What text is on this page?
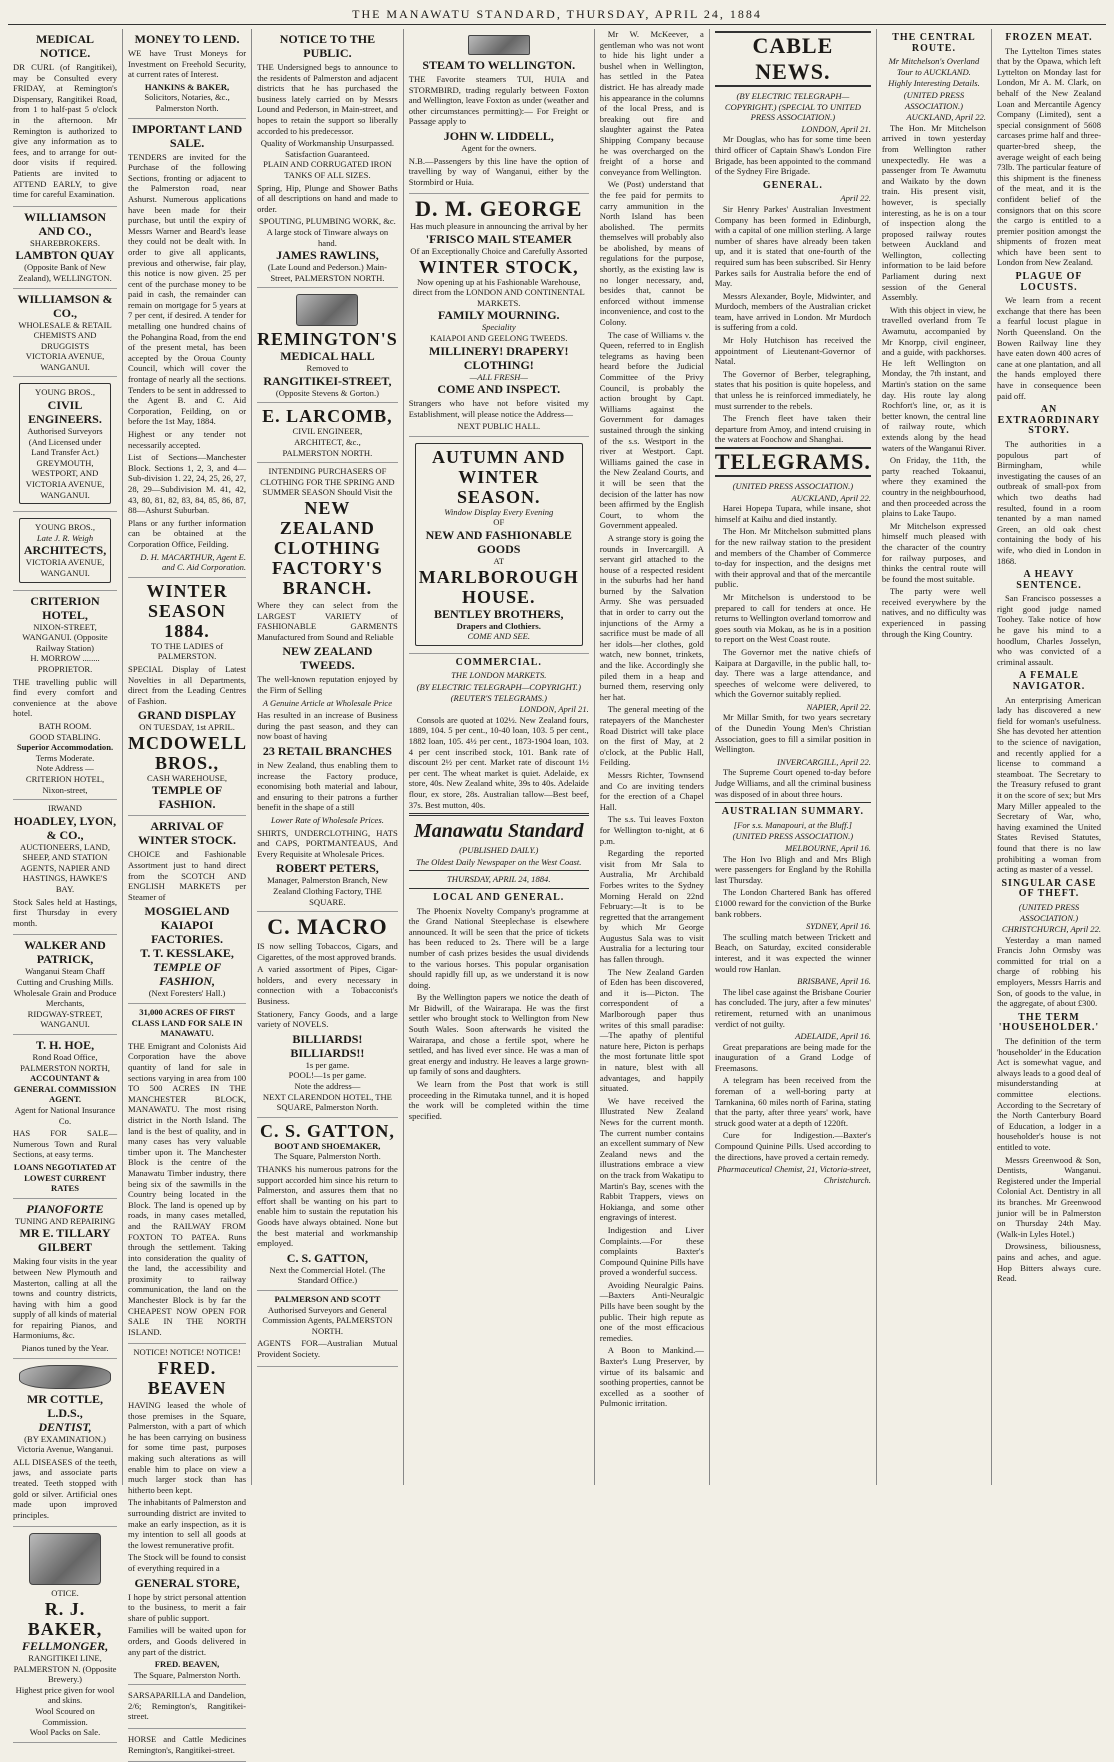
THE MANAWATU STANDARD, THURSDAY, APRIL 24, 1884
MEDICAL NOTICE.
DR CURL (of Rangitikei), may be Consulted every FRIDAY, at Remington's Dispensary, Rangitikei Road, from 1 to half-past 5 o'clock in the afternoon. Mr Remington is authorized to give any information as to fees, and to arrange for out-door visits if required. Patients are invited to ATTEND EARLY, to give time for careful Examination.
WILLIAMSON AND CO.,
SHAREBROKERS.
LAMBTON QUAY
(Opposite Bank of New Zealand), WELLINGTON.
WILLIAMSON & CO.,
WHOLESALE & RETAIL CHEMISTS AND DRUGGISTS
VICTORIA AVENUE, WANGANUI.
YOUNG BROS.,
CIVIL ENGINEERS.
Authorised Surveyors (And Licensed under Land Transfer Act.)
GREYMOUTH, WESTPORT, AND VICTORIA AVENUE, WANGANUI.
YOUNG BROS.,
Late J. R. Weigh
ARCHITECTS,
VICTORIA AVENUE, WANGANUI.
CRITERION HOTEL,
NIXON-STREET, WANGANUI. (Opposite Railway Station)
H. MORROW ........ PROPRIETOR.
THE travelling public will find every comfort and convenience at the above hotel.
BATH ROOM.
GOOD STABLING.
Superior Accommodation.
Terms Moderate.
Note Address — CRITERION HOTEL, Nixon-street,
IRWAND
HOADLEY, LYON, & CO.,
AUCTIONEERS, LAND, SHEEP, AND STATION AGENTS, NAPIER AND HASTINGS, HAWKE'S BAY.
Stock Sales held at Hastings, first Thursday in every month.
WALKER AND PATRICK,
Wanganui Steam Chaff Cutting and Crushing Mills.
Wholesale Grain and Produce Merchants,
RIDGWAY-STREET, WANGANUI.
T. H. HOE,
Rond Road Office, PALMERSTON NORTH,
ACCOUNTANT & GENERAL COMMISSION AGENT.
Agent for National Insurance Co.
HAS FOR SALE—Numerous Town and Rural Sections, at easy terms.
LOANS NEGOTIATED AT LOWEST CURRENT RATES
PIANOFORTE
TUNING AND REPAIRING
MR E. TILLARY GILBERT
Making four visits in the year between New Plymouth and Masterton, calling at all the towns and country districts, having with him a good supply of all kinds of material for repairing Pianos, and Harmoniums, &c.
Pianos tuned by the Year.
MR COTTLE, L.D.S.,
DENTIST,
(BY EXAMINATION.)
Victoria Avenue, Wanganui.
ALL DISEASES of the teeth, jaws, and associate parts treated. Teeth stopped with gold or silver. Artificial ones made upon improved principles.
OTICE.
R. J. BAKER,
FELLMONGER,
RANGITIKEI LINE, PALMERSTON N. (Opposite Brewery.)
Highest price given for wool and skins.
Wool Scoured on Commission.
Wool Packs on Sale.
MONEY TO LEND.
WE have Trust Moneys for Investment on Freehold Security, at current rates of Interest.
HANKINS & BAKER,
Solicitors, Notaries, &c., Palmerston North.
IMPORTANT LAND SALE.
TENDERS are invited for the Purchase of the following Sections, fronting or adjacent to the Palmerston road, near Ashurst. Numerous applications have been made for their purchase, but until the expiry of Messrs Warner and Beard's lease they could not be dealt with. In order to give all applicants, previous and otherwise, fair play, this notice is now given. 25 per cent of the purchase money to be paid in cash, the remainder can remain on mortgage for 5 years at 7 per cent, if desired. A tender for metalling one hundred chains of the Pohangina Road, from the end of the present metal, has been accepted by the Oroua County Council, which will cover the frontage of nearly all the sections. Tenders to be sent in addressed to the Agent B. and C. Aid Corporation, Feilding, on or before the 1st May, 1884.
Highest or any tender not necessarily accepted.
List of Sections—Manchester Block. Sections 1, 2, 3, and 4—Sub-division 1. 22, 24, 25, 26, 27, 28, 29—Subdivision M. 41, 42, 43, 80, 81, 82, 83, 84, 85, 86, 87, 88—Ashurst Suburban.
Plans or any further information can be obtained at the Corporation Office, Feilding.
D. H. MACARTHUR, Agent E. and C. Aid Corporation.
WINTER SEASON 1884.
TO THE LADIES of PALMERSTON.
SPECIAL Display of Latest Novelties in all Departments, direct from the Leading Centres of Fashion.
GRAND DISPLAY
ON TUESDAY, 1st APRIL.
MCDOWELL BROS.,
CASH WAREHOUSE,
TEMPLE OF FASHION.
ARRIVAL OF WINTER STOCK.
CHOICE and Fashionable Assortment just to hand direct from the SCOTCH AND ENGLISH MARKETS per Steamer of
MOSGIEL AND KAIAPOI FACTORIES.
T. T. KESSLAKE,
TEMPLE OF FASHION,
(Next Foresters' Hall.)
31,000 ACRES OF FIRST CLASS LAND FOR SALE IN MANAWATU.
THE Emigrant and Colonists Aid Corporation have the above quantity of land for sale in sections varying in area from 100 TO 500 ACRES IN THE MANCHESTER BLOCK, MANAWATU. The most rising district in the North Island. The land is the best of quality, and in many cases has very valuable timber upon it. The Manchester Block is the centre of the Manawatu Timber industry, there being six of the sawmills in the Country being located in the Block. The land is opened up by roads, in many cases metalled, and the RAILWAY FROM FOXTON TO PATEA. Runs through the settlement. Taking into consideration the quality of the land, the accessibility and proximity to railway communication, the land on the Manchester Block is by far the CHEAPEST NOW OPEN FOR SALE IN THE NORTH ISLAND.
NOTICE! NOTICE! NOTICE!
FRED. BEAVEN
HAVING leased the whole of those premises in the Square, Palmerston, with a part of which he has been carrying on business for some time past, purposes making such alterations as will enable him to place on view a much larger stock than has hitherto been kept.
The inhabitants of Palmerston and surrounding district are invited to make an early inspection, as it is my intention to sell all goods at the lowest remunerative profit.
The Stock will be found to consist of everything required in a
GENERAL STORE,
I hope by strict personal attention to the business, to merit a fair share of public support.
Families will be waited upon for orders, and Goods delivered in any part of the district.
FRED. BEAVEN,
The Square, Palmerston North.
SARSAPARILLA and Dandelion, 2/6; Remington's, Rangitikei-street.
HORSE and Cattle Medicines Remington's, Rangitikei-street.
NOTICE TO THE PUBLIC.
THE Undersigned begs to announce to the residents of Palmerston and adjacent districts that he has purchased the business lately carried on by Messrs Lound and Pederson, in Main-street, and hopes to retain the support so liberally accorded to his predecessor.
Quality of Workmanship Unsurpassed.
Satisfaction Guaranteed.
PLAIN AND CORRUGATED IRON TANKS OF ALL SIZES.
Spring, Hip, Plunge and Shower Baths of all descriptions on hand and made to order.
SPOUTING, PLUMBING WORK, &c.
A large stock of Tinware always on hand.
JAMES RAWLINS,
(Late Lound and Pederson.) Main-Street, PALMERSTON NORTH.
REMINGTON'S
MEDICAL HALL
Removed to
RANGITIKEI-STREET,
(Opposite Stevens & Gorton.)
E. LARCOMB,
CIVIL ENGINEER,
ARCHITECT, &c.,
PALMERSTON NORTH.
INTENDING PURCHASERS OF CLOTHING FOR THE SPRING AND SUMMER SEASON Should Visit the
NEW ZEALAND CLOTHING FACTORY'S BRANCH.
Where they can select from the LARGEST VARIETY of FASHIONABLE GARMENTS Manufactured from Sound and Reliable
NEW ZEALAND TWEEDS.
The well-known reputation enjoyed by the Firm of Selling
A Genuine Article at Wholesale Price
Has resulted in an increase of Business during the past season, and they can now boast of having
23 RETAIL BRANCHES
in New Zealand, thus enabling them to increase the Factory produce, economising both material and labour, and ensuring to their patrons a further benefit in the shape of a still
Lower Rate of Wholesale Prices.
SHIRTS, UNDERCLOTHING, HATS and CAPS, PORTMANTEAUS, And Every Requisite at Wholesale Prices.
ROBERT PETERS,
Manager, Palmerston Branch, New Zealand Clothing Factory, THE SQUARE.
C. MACRO
IS now selling Tobaccos, Cigars, and Cigarettes, of the most approved brands.
A varied assortment of Pipes, Cigar-holders, and every necessary in connection with a Tobacconist's Business.
Stationery, Fancy Goods, and a large variety of NOVELS.
BILLIARDS! BILLIARDS!!
1s per game.
POOL!—1s per game.
Note the address—
NEXT CLARENDON HOTEL, THE SQUARE, Palmerston North.
C. S. GATTON,
BOOT AND SHOEMAKER,
The Square, Palmerston North.
THANKS his numerous patrons for the support accorded him since his return to Palmerston, and assures them that no effort shall be wanting on his part to enable him to sustain the reputation his Goods have always obtained. None but the best material and workmanship employed.
C. S. GATTON,
Next the Commercial Hotel. (The Standard Office.)
PALMERSON AND SCOTT
Authorised Surveyors and General Commission Agents, PALMERSTON NORTH.
AGENTS FOR—Australian Mutual Provident Society.
STEAM TO WELLINGTON.
THE Favorite steamers TUI, HUIA and STORMBIRD, trading regularly between Foxton and Wellington, leave Foxton as under (weather and other circumstances permitting):— For Freight or Passage apply to
JOHN W. LIDDELL,
Agent for the owners.
N.B.—Passengers by this line have the option of travelling by way of Wanganui, either by the Stormbird or Huia.
D. M. GEORGE
Has much pleasure in announcing the arrival by her
'FRISCO MAIL STEAMER
Of an Exceptionally Choice and Carefully Assorted
WINTER STOCK,
Now opening up at his Fashionable Warehouse, direct from the LONDON AND CONTINENTAL MARKETS.
FAMILY MOURNING.
Speciality
KAIAPOI AND GEELONG TWEEDS.
MILLINERY! DRAPERY! CLOTHING!
—ALL FRESH—
COME AND INSPECT.
Strangers who have not before visited my Establishment, will please notice the Address—
NEXT PUBLIC HALL.
AUTUMN AND WINTER SEASON.
Window Display Every Evening
OF
NEW AND FASHIONABLE GOODS
AT
MARLBOROUGH HOUSE.
BENTLEY BROTHERS,
Drapers and Clothiers.
COME AND SEE.
COMMERCIAL.
THE LONDON MARKETS.
(BY ELECTRIC TELEGRAPH—COPYRIGHT.) (REUTER'S TELEGRAMS.)
LONDON, April 21.
Consols are quoted at 102½. New Zealand fours, 1889, 104. 5 per cent., 10-40 loan, 103. 5 per cent., 1882 loan, 105. 4½ per cent., 1873-1904 loan, 103. 4 per cent inscribed stock, 101. Bank rate of discount 2½ per cent. Market rate of discount 1½ per cent. The wheat market is quiet. Adelaide, ex store, 40s. New Zealand white, 39s to 40s. Adelaide flour, ex store, 28s. Australian tallow—Best beef, 37s. Best mutton, 40s.
Manawatu Standard
(PUBLISHED DAILY.)
The Oldest Daily Newspaper on the West Coast.
THURSDAY, APRIL 24, 1884.
LOCAL AND GENERAL.
The Phoenix Novelty Company's programme at the Grand National Steeplechase is elsewhere announced. It will be seen that the price of tickets has been reduced to 2s. There will be a large number of cash prizes besides the usual dividends to the various horses. This popular organisation should rapidly fill up, as we understand it is now doing.
By the Wellington papers we notice the death of Mr Bidwill, of the Wairarapa. He was the first settler who brought stock to Wellington from New South Wales. Soon afterwards he visited the Wairarapa, and chose a fertile spot, where he settled, and has lived ever since. He was a man of great energy and industry. He leaves a large grown-up family of sons and daughters.
We learn from the Post that work is still proceeding in the Rimutaka tunnel, and it is hoped the work will be completed within the time specified.
Mr W. McKeever, a gentleman who was not wont to hide his light under a bushel when in Wellington, has settled in the Patea district. He has already made his appearance in the columns of the local Press, and is breaking out fire and slaughter against the Patea Shipping Company because he was overcharged on the freight of a horse and conveyance from Wellington.
We (Post) understand that the fee paid for permits to carry ammunition in the North Island has been abolished. The permits themselves will probably also be abolished, by means of regulations for the purpose, shortly, as the existing law is no longer necessary, and, besides that, cannot be enforced without immense inconvenience, and cost to the Colony.
The case of Williams v. the Queen, referred to in English telegrams as having been heard before the Judicial Committee of the Privy Council, is probably the action brought by Capt. Williams against the Government for damages sustained through the sinking of the s.s. Westport in the river at Westport. Capt. Williams gained the case in the New Zealand Courts, and it will be seen that the decision of the latter has now been affirmed by the English Court, to whom the Government appealed.
A strange story is going the rounds in Invercargill. A servant girl attached to the house of a respected resident in the suburbs had her hand burned by the Salvation Army. She was persuaded that in order to carry out the injunctions of the Army a sacrifice must be made of all her idols—her clothes, gold watch, new bonnet, trinkets, and the like. Accordingly she piled them in a heap and burned them, reserving only her hat.
The general meeting of the ratepayers of the Manchester Road District will take place on the first of May, at 2 o'clock, at the Public Hall, Feilding.
Messrs Richter, Townsend and Co are inviting tenders for the erection of a Chapel Hall.
The s.s. Tui leaves Foxton for Wellington to-night, at 6 p.m.
Regarding the reported visit from Mr Sala to Australia, Mr Archibald Forbes writes to the Sydney Morning Herald on 22nd February:—It is to be regretted that the arrangement by which Mr George Augustus Sala was to visit Australia for a lecturing tour has fallen through.
The New Zealand Garden of Eden has been discovered, and it is—Picton. The correspondent of a Marlborough paper thus writes of this small paradise:—The apathy of plentiful nature here, Picton is perhaps the most fortunate little spot in nature, blest with all advantages, and happily situated.
We have received the Illustrated New Zealand News for the current month. The current number contains an excellent summary of New Zealand news and the illustrations embrace a view on the track from Wakatipu to Martin's Bay, scenes with the Rabbit Trappers, views on Hokianga, and some other engravings of interest.
Indigestion and Liver Complaints.—For these complaints Baxter's Compound Quinine Pills have proved a wonderful success.
Avoiding Neuralgic Pains.—Baxters Anti-Neuralgic Pills have been sought by the public. Their high repute as one of the most efficacious remedies.
A Boon to Mankind.—Baxter's Lung Preserver, by virtue of its balsamic and soothing properties, cannot be excelled as a soother of Pulmonic irritation.
CABLE NEWS.
(BY ELECTRIC TELEGRAPH—COPYRIGHT.) (SPECIAL TO UNITED PRESS ASSOCIATION.)
LONDON, April 21.
Mr Douglas, who has for some time been third officer of Captain Shaw's London Fire Brigade, has been appointed to the command of the Sydney Fire Brigade.
GENERAL.
April 22.
Sir Henry Parkes' Australian Investment Company has been formed in Edinburgh, with a capital of one million sterling. A large number of shares have already been taken up, and it is stated that one-fourth of the required sum has been subscribed. Sir Henry Parkes sails for Australia before the end of May.
Messrs Alexander, Boyle, Midwinter, and Murdoch, members of the Australian cricket team, have arrived in London. Mr Murdoch is suffering from a cold.
Mr Holy Hutchison has received the appointment of Lieutenant-Governor of Natal.
The Governor of Berber, telegraphing, states that his position is quite hopeless, and that unless he is reinforced immediately, he must surrender to the rebels.
The French fleet have taken their departure from Amoy, and intend cruising in the waters at Foochow and Shanghai.
TELEGRAMS.
(UNITED PRESS ASSOCIATION.)
AUCKLAND, April 22.
Harei Hopepa Tupara, while insane, shot himself at Kaihu and died instantly.
The Hon. Mr Mitchelson submitted plans for the new railway station to the president and members of the Chamber of Commerce to-day for inspection, and the designs met with their approval and that of the mercantile public.
Mr Mitchelson is understood to be prepared to call for tenders at once. He returns to Wellington overland tomorrow and goes south via Mokau, as he is in a position to report on the West Coast route.
The Governor met the native chiefs of Kaipara at Dargaville, in the public hall, to-day. There was a large attendance, and speeches of welcome were delivered, to which the Governor suitably replied.
NAPIER, April 22.
Mr Millar Smith, for two years secretary of the Dunedin Young Men's Christian Association, goes to fill a similar position in Wellington.
INVERCARGILL, April 22.
The Supreme Court opened to-day before Judge Williams, and all the criminal business was disposed of in about three hours.
AUSTRALIAN SUMMARY.
[For s.s. Manapouri, at the Bluff.]
(UNITED PRESS ASSOCIATION.)
MELBOURNE, April 16.
The Hon Ivo Bligh and and Mrs Bligh were passengers for England by the Rohilla last Thursday.
The London Chartered Bank has offered £1000 reward for the conviction of the Burke bank robbers.
SYDNEY, April 16.
The sculling match between Trickett and Beach, on Saturday, excited considerable interest, and it was expected the winner would row Hanlan.
BRISBANE, April 16.
The libel case against the Brisbane Courier has concluded. The jury, after a few minutes' retirement, returned with an unanimous verdict of not guilty.
ADELAIDE, April 16.
Great preparations are being made for the inauguration of a Grand Lodge of Freemasons.
A telegram has been received from the foreman of a well-boring party at Tarnkanina, 60 miles north of Farina, stating that the party, after three years' work, have struck good water at a depth of 1220ft.
Cure for Indigestion.—Baxter's Compound Quinine Pills. Used according to the directions, have proved a certain remedy.
Pharmaceutical Chemist, 21, Victoria-street, Christchurch.
THE CENTRAL ROUTE.
Mr Mitchelson's Overland Tour to AUCKLAND.
Highly Interesting Details.
(UNITED PRESS ASSOCIATION.)
AUCKLAND, April 22.
The Hon. Mr Mitchelson arrived in town yesterday from Wellington rather unexpectedly. He was a passenger from Te Awamutu and Waikato by the down train. His present visit, however, is specially interesting, as he is on a tour of inspection along the proposed railway routes between Auckland and Wellington, collecting information to be laid before Parliament during next session of the General Assembly.
With this object in view, he travelled overland from Te Awamutu, accompanied by Mr Knorpp, civil engineer, and a guide, with packhorses. He left Wellington on Monday, the 7th instant, and Martin's station on the same day. His route lay along Rochfort's line, or, as it is better known, the central line of railway route, which extends along by the head waters of the Wanganui River.
On Friday, the 11th, the party reached Tokaanui, where they examined the country in the neighbourhood, and then proceeded across the plains to Lake Taupo.
Mr Mitchelson expressed himself much pleased with the character of the country for railway purposes, and thinks the central route will be found the most suitable.
The party were well received everywhere by the natives, and no difficulty was experienced in passing through the King Country.
FROZEN MEAT.
The Lyttelton Times states that by the Opawa, which left Lyttelton on Monday last for London, Mr A. M. Clark, on behalf of the New Zealand Loan and Mercantile Agency Company (Limited), sent a special consignment of 5608 carcases prime half and three-quarter-bred sheep, the average weight of each being 73lb. The particular feature of this shipment is the fineness of the meat, and it is the confident belief of the consignors that on this score the cargo is entitled to a premier position amongst the shipments of frozen meat which have been sent to London from New Zealand.
PLAGUE OF LOCUSTS.
We learn from a recent exchange that there has been a fearful locust plague in North Queensland. On the Bowen Railway line they have eaten down 400 acres of cane at one plantation, and all the hands employed there have in consequence been paid off.
AN EXTRAORDINARY STORY.
The authorities in a populous part of Birmingham, while investigating the causes of an outbreak of small-pox from which two deaths had resulted, found in a room tenanted by a man named Green, an old oak chest containing the body of his wife, who died in London in 1868.
A HEAVY SENTENCE.
San Francisco possesses a right good judge named Toohey. Take notice of how he gave his mind to a hoodlum, Charles Josselyn, who was convicted of a criminal assault.
A FEMALE NAVIGATOR.
An enterprising American lady has discovered a new field for woman's usefulness. She has devoted her attention to the science of navigation, and recently applied for a license to command a steamboat. The Secretary to the Treasury refused to grant it on the score of sex; but Mrs Mary Miller appealed to the Secretary of War, who, having examined the United States Revised Statutes, found that there is no law prohibiting a woman from acting as master of a vessel.
SINGULAR CASE OF THEFT.
(UNITED PRESS ASSOCIATION.)
CHRISTCHURCH, April 22.
Yesterday a man named Francis John Ormsby was committed for trial on a charge of robbing his employers, Messrs Harris and Son, of goods to the value, in the aggregate, of about £300.
THE TERM 'HOUSEHOLDER.'
The definition of the term 'householder' in the Education Act is somewhat vague, and always leads to a good deal of misunderstanding at committee elections. According to the Secretary of the North Canterbury Board of Education, a lodger in a householder's house is not entitled to vote.
Messrs Greenwood & Son, Dentists, Wanganui. Registered under the Imperial Colonial Act. Dentistry in all its branches. Mr Greenwood junior will be in Palmerston on Thursday 24th May. (Walk-in Lyles Hotel.)
Drowsiness, biliousness, pains and aches, and ague. Hop Bitters always cure. Read.
